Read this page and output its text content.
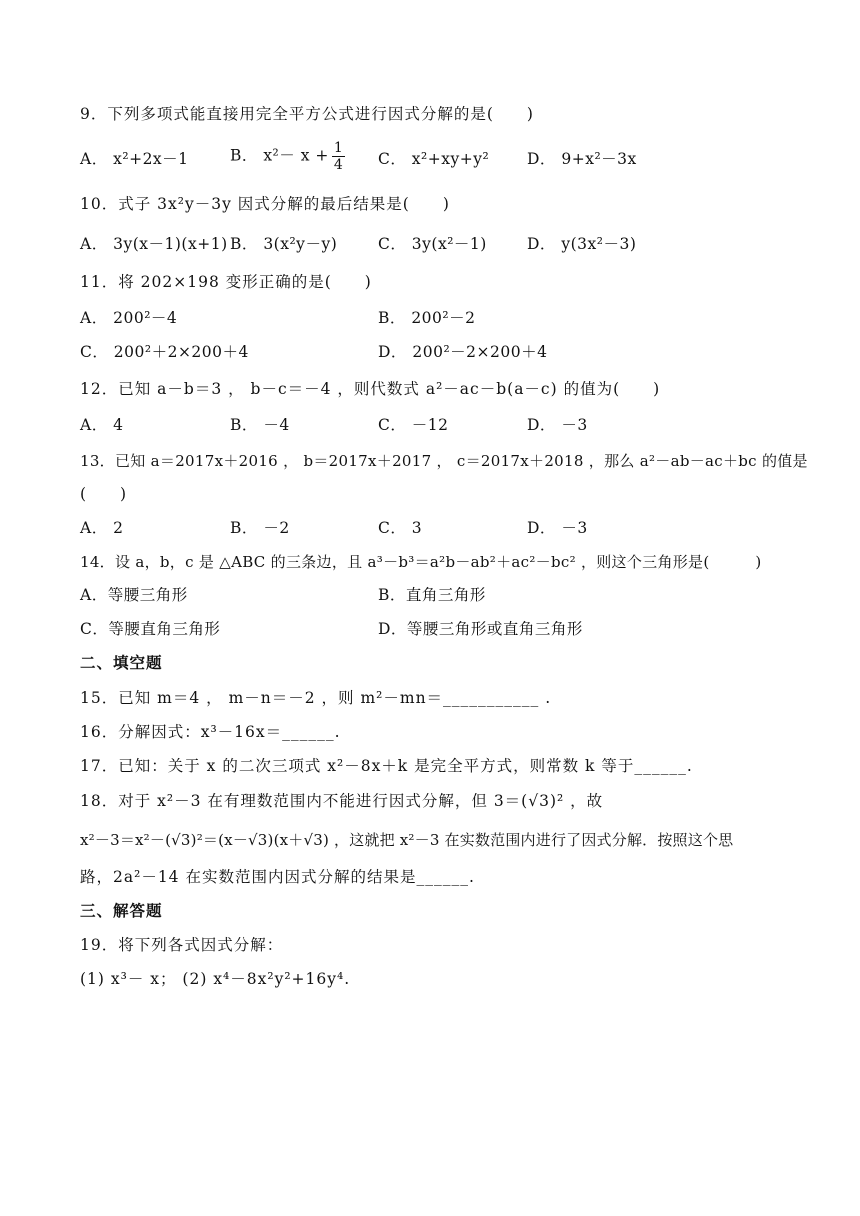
9．下列多项式能直接用完全平方公式进行因式分解的是(　　)
A． x²+2x－1	B． $x^2- x + \frac{1}{4}$ C． x²+xy+y² D． 9+x²－3x
10．式子 3x²y－3y 因式分解的最后结果是(　　)
A． 3y(x－1)(x+1) B． 3(x²y－y)	C． 3y(x²－1)	D． y(3x²－3)
11．将 202×198 变形正确的是(　　)
A． 200²－4	B． 200²－2
C． 200²＋2×200＋4	D． 200²－2×200＋4
12．已知 a－b＝3 ， b－c＝－4 ，则代数式 a²－ac－b(a－c) 的值为(　　)
A． 4	B． －4	C． －12	D． －3
13．已知 a＝2017x＋2016 ， b＝2017x＋2017 ， c＝2017x＋2018 ，那么 a²－ab－ac＋bc 的值是
(　　)
A． 2	B． －2	C． 3	D． －3
14．设 a，b，c 是 △ABC 的三条边，且 a³－b³＝a²b－ab²＋ac²－bc² ，则这个三角形是(　　　)
A．等腰三角形	B．直角三角形
C．等腰直角三角形	D．等腰三角形或直角三角形
二、填空题
15．已知 m＝4 ， m－n＝－2 ，则 m²－mn＝___________ .
16．分解因式：x³－16x＝______.
17．已知：关于 x 的二次三项式 x²－8x＋k 是完全平方式，则常数 k 等于______.
18．对于 x²－3 在有理数范围内不能进行因式分解，但 3＝(√3)² ，故
x²－3＝x²－(√3)²＝(x－√3)(x＋√3) ，这就把 x²－3 在实数范围内进行了因式分解．按照这个思
路，2a²－14 在实数范围内因式分解的结果是______.
三、解答题
19．将下列各式因式分解：
(1) x³－ x； (2) x⁴－8x²y²+16y⁴.
